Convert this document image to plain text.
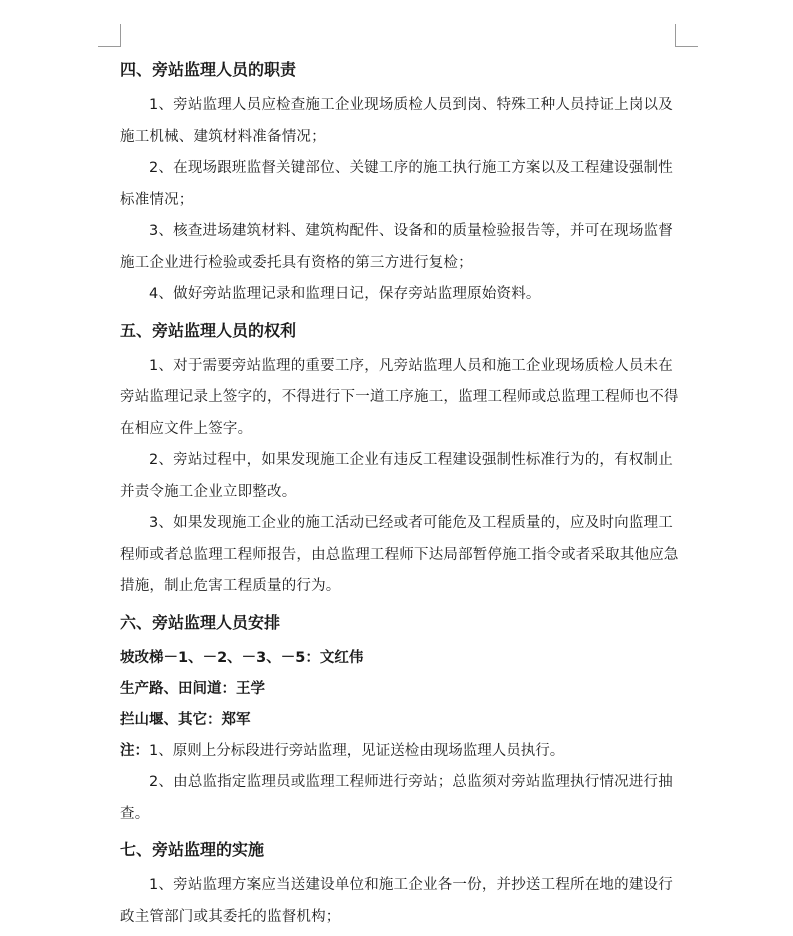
四、旁站监理人员的职责

1、旁站监理人员应检查施工企业现场质检人员到岗、特殊工种人员持证上岗以及施工机械、建筑材料准备情况；

2、在现场跟班监督关键部位、关键工序的施工执行施工方案以及工程建设强制性标准情况；

3、核查进场建筑材料、建筑构配件、设备和的质量检验报告等，并可在现场监督施工企业进行检验或委托具有资格的第三方进行复检；

4、做好旁站监理记录和监理日记，保存旁站监理原始资料。

五、旁站监理人员的权利

1、对于需要旁站监理的重要工序，凡旁站监理人员和施工企业现场质检人员未在旁站监理记录上签字的，不得进行下一道工序施工，监理工程师或总监理工程师也不得在相应文件上签字。

2、旁站过程中，如果发现施工企业有违反工程建设强制性标准行为的，有权制止并责令施工企业立即整改。

3、如果发现施工企业的施工活动已经或者可能危及工程质量的，应及时向监理工程师或者总监理工程师报告，由总监理工程师下达局部暂停施工指令或者采取其他应急措施，制止危害工程质量的行为。

六、旁站监理人员安排

坡改梯－1、－2、－3、－5：文红伟

生产路、田间道：王学

拦山堰、其它：郑军

注：1、原则上分标段进行旁站监理，见证送检由现场监理人员执行。

2、由总监指定监理员或监理工程师进行旁站；总监须对旁站监理执行情况进行抽查。

七、旁站监理的实施

1、旁站监理方案应当送建设单位和施工企业各一份，并抄送工程所在地的建设行政主管部门或其委托的监督机构；
